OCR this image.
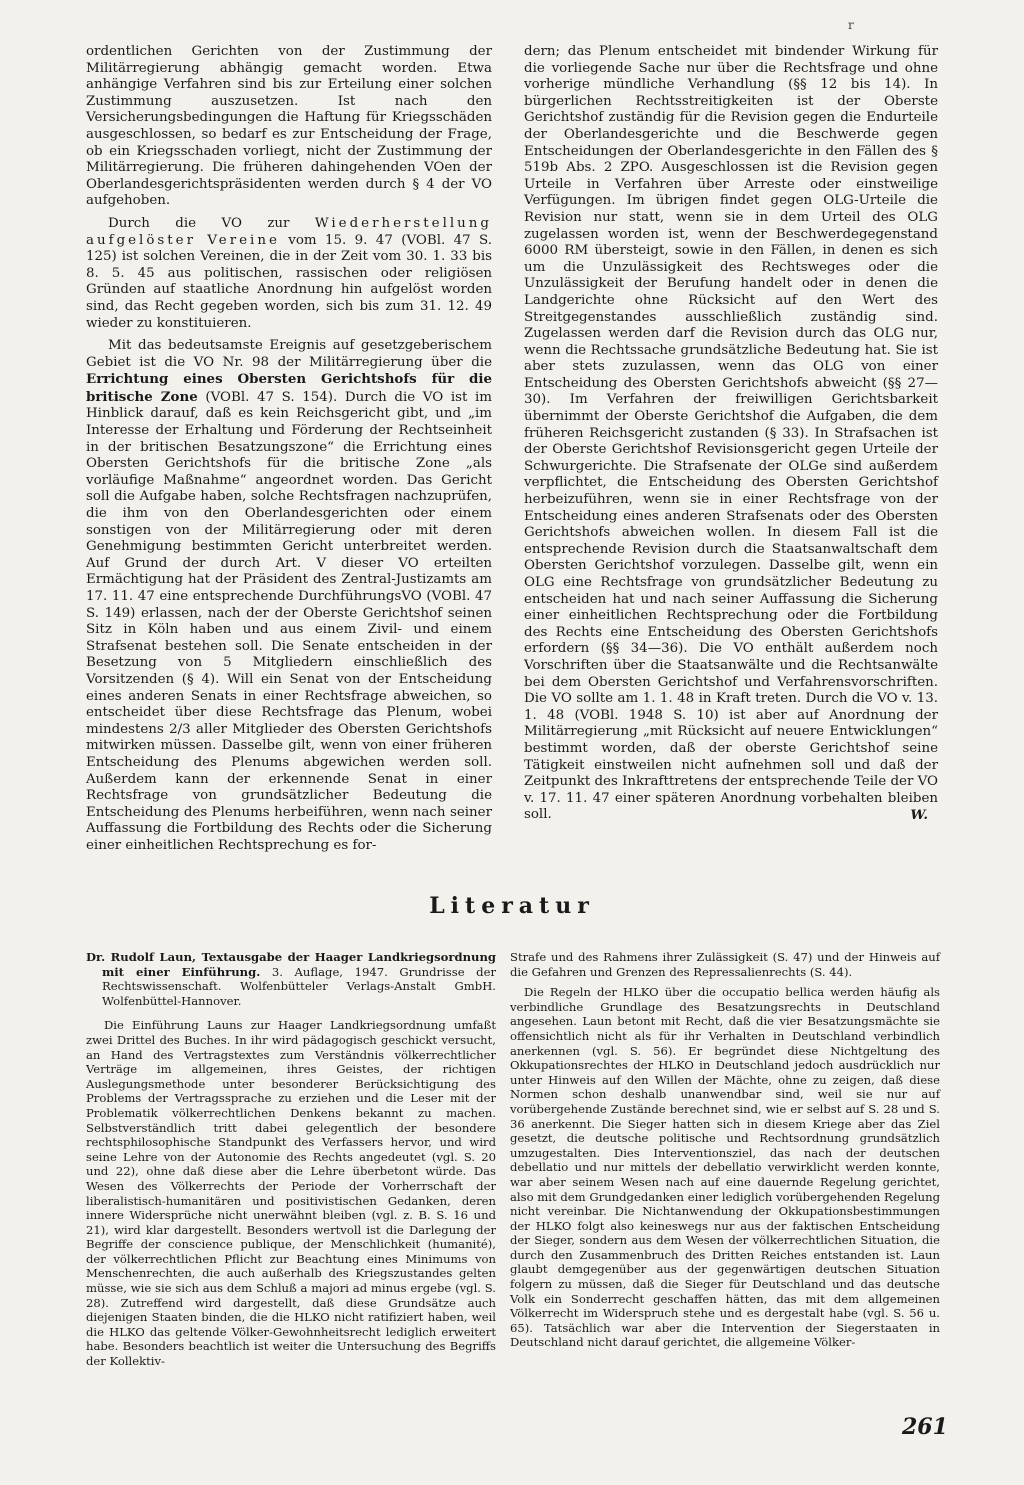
r

ordentlichen Gerichten von der Zustimmung der Militärregierung abhängig gemacht worden. Etwa anhängige Verfahren sind bis zur Erteilung einer solchen Zustimmung auszusetzen. Ist nach den Versicherungsbedingungen die Haftung für Kriegsschäden ausgeschlossen, so bedarf es zur Entscheidung der Frage, ob ein Kriegsschaden vorliegt, nicht der Zustimmung der Militärregierung. Die früheren dahingehenden VOen der Oberlandesgerichtspräsidenten werden durch § 4 der VO aufgehoben.

Durch die VO zur Wiederherstellung aufgelöster Vereine vom 15. 9. 47 (VOBl. 47 S. 125) ist solchen Vereinen, die in der Zeit vom 30. 1. 33 bis 8. 5. 45 aus politischen, rassischen oder religiösen Gründen auf staatliche Anordnung hin aufgelöst worden sind, das Recht gegeben worden, sich bis zum 31. 12. 49 wieder zu konstituieren.

Mit das bedeutsamste Ereignis auf gesetzgeberischem Gebiet ist die VO Nr. 98 der Militärregierung über die Errichtung eines Obersten Gerichtshofs für die britische Zone (VOBl. 47 S. 154). Durch die VO ist im Hinblick darauf, daß es kein Reichsgericht gibt, und „im Interesse der Erhaltung und Förderung der Rechtseinheit in der britischen Besatzungszone“ die Errichtung eines Obersten Gerichtshofs für die britische Zone „als vorläufige Maßnahme“ angeordnet worden. Das Gericht soll die Aufgabe haben, solche Rechtsfragen nachzuprüfen, die ihm von den Oberlandesgerichten oder einem sonstigen von der Militärregierung oder mit deren Genehmigung bestimmten Gericht unterbreitet werden. Auf Grund der durch Art. V dieser VO erteilten Ermächtigung hat der Präsident des Zentral-Justizamts am 17. 11. 47 eine entsprechende DurchführungsVO (VOBl. 47 S. 149) erlassen, nach der der Oberste Gerichtshof seinen Sitz in Köln haben und aus einem Zivil- und einem Strafsenat bestehen soll. Die Senate entscheiden in der Besetzung von 5 Mitgliedern einschließlich des Vorsitzenden (§ 4). Will ein Senat von der Entscheidung eines anderen Senats in einer Rechtsfrage abweichen, so entscheidet über diese Rechtsfrage das Plenum, wobei mindestens 2/3 aller Mitglieder des Obersten Gerichtshofs mitwirken müssen. Dasselbe gilt, wenn von einer früheren Entscheidung des Plenums abgewichen werden soll. Außerdem kann der erkennende Senat in einer Rechtsfrage von grundsätzlicher Bedeutung die Entscheidung des Plenums herbeiführen, wenn nach seiner Auffassung die Fortbildung des Rechts oder die Sicherung einer einheitlichen Rechtsprechung es for-

dern; das Plenum entscheidet mit bindender Wirkung für die vorliegende Sache nur über die Rechtsfrage und ohne vorherige mündliche Verhandlung (§§ 12 bis 14). In bürgerlichen Rechtsstreitigkeiten ist der Oberste Gerichtshof zuständig für die Revision gegen die Endurteile der Oberlandesgerichte und die Beschwerde gegen Entscheidungen der Oberlandesgerichte in den Fällen des § 519b Abs. 2 ZPO. Ausgeschlossen ist die Revision gegen Urteile in Verfahren über Arreste oder einstweilige Verfügungen. Im übrigen findet gegen OLG-Urteile die Revision nur statt, wenn sie in dem Urteil des OLG zugelassen worden ist, wenn der Beschwerdegegenstand 6000 RM übersteigt, sowie in den Fällen, in denen es sich um die Unzulässigkeit des Rechtsweges oder die Unzulässigkeit der Berufung handelt oder in denen die Landgerichte ohne Rücksicht auf den Wert des Streitgegenstandes ausschließlich zuständig sind. Zugelassen werden darf die Revision durch das OLG nur, wenn die Rechtssache grundsätzliche Bedeutung hat. Sie ist aber stets zuzulassen, wenn das OLG von einer Entscheidung des Obersten Gerichtshofs abweicht (§§ 27—30). Im Verfahren der freiwilligen Gerichtsbarkeit übernimmt der Oberste Gerichtshof die Aufgaben, die dem früheren Reichsgericht zustanden (§ 33). In Strafsachen ist der Oberste Gerichtshof Revisionsgericht gegen Urteile der Schwurgerichte. Die Strafsenate der OLGe sind außerdem verpflichtet, die Entscheidung des Obersten Gerichtshof herbeizuführen, wenn sie in einer Rechtsfrage von der Entscheidung eines anderen Strafsenats oder des Obersten Gerichtshofs abweichen wollen. In diesem Fall ist die entsprechende Revision durch die Staatsanwaltschaft dem Obersten Gerichtshof vorzulegen. Dasselbe gilt, wenn ein OLG eine Rechtsfrage von grundsätzlicher Bedeutung zu entscheiden hat und nach seiner Auffassung die Sicherung einer einheitlichen Rechtsprechung oder die Fortbildung des Rechts eine Entscheidung des Obersten Gerichtshofs erfordern (§§ 34—36). Die VO enthält außerdem noch Vorschriften über die Staatsanwälte und die Rechtsanwälte bei dem Obersten Gerichtshof und Verfahrensvorschriften. Die VO sollte am 1. 1. 48 in Kraft treten. Durch die VO v. 13. 1. 48 (VOBl. 1948 S. 10) ist aber auf Anordnung der Militärregierung „mit Rücksicht auf neuere Entwicklungen“ bestimmt worden, daß der oberste Gerichtshof seine Tätigkeit einstweilen nicht aufnehmen soll und daß der Zeitpunkt des Inkrafttretens der entsprechende Teile der VO v. 17. 11. 47 einer späteren Anordnung vorbehalten bleiben soll.	W.

Literatur

Dr. Rudolf Laun, Textausgabe der Haager Landkriegsordnung mit einer Einführung. 3. Auflage, 1947. Grundrisse der Rechtswissenschaft. Wolfenbütteler Verlags-Anstalt GmbH. Wolfenbüttel-Hannover.

Die Einführung Launs zur Haager Landkriegsordnung umfaßt zwei Drittel des Buches. In ihr wird pädagogisch geschickt versucht, an Hand des Vertragstextes zum Verständnis völkerrechtlicher Verträge im allgemeinen, ihres Geistes, der richtigen Auslegungsmethode unter besonderer Berücksichtigung des Problems der Vertragssprache zu erziehen und die Leser mit der Problematik völkerrechtlichen Denkens bekannt zu machen. Selbstverständlich tritt dabei gelegentlich der besondere rechtsphilosophische Standpunkt des Verfassers hervor, und wird seine Lehre von der Autonomie des Rechts angedeutet (vgl. S. 20 und 22), ohne daß diese aber die Lehre überbetont würde. Das Wesen des Völkerrechts der Periode der Vorherrschaft der liberalistisch-humanitären und positivistischen Gedanken, deren innere Widersprüche nicht unerwähnt bleiben (vgl. z. B. S. 16 und 21), wird klar dargestellt. Besonders wertvoll ist die Darlegung der Begriffe der conscience publique, der Menschlichkeit (humanité), der völkerrechtlichen Pflicht zur Beachtung eines Minimums von Menschenrechten, die auch außerhalb des Kriegszustandes gelten müsse, wie sie sich aus dem Schluß a majori ad minus ergebe (vgl. S. 28). Zutreffend wird dargestellt, daß diese Grundsätze auch diejenigen Staaten binden, die die HLKO nicht ratifiziert haben, weil die HLKO das geltende Völker-Gewohnheitsrecht lediglich erweitert habe. Besonders beachtlich ist weiter die Untersuchung des Begriffs der Kollektiv-

Strafe und des Rahmens ihrer Zulässigkeit (S. 47) und der Hinweis auf die Gefahren und Grenzen des Repressalienrechts (S. 44).

Die Regeln der HLKO über die occupatio bellica werden häufig als verbindliche Grundlage des Besatzungsrechts in Deutschland angesehen. Laun betont mit Recht, daß die vier Besatzungsmächte sie offensichtlich nicht als für ihr Verhalten in Deutschland verbindlich anerkennen (vgl. S. 56). Er begründet diese Nichtgeltung des Okkupationsrechtes der HLKO in Deutschland jedoch ausdrücklich nur unter Hinweis auf den Willen der Mächte, ohne zu zeigen, daß diese Normen schon deshalb unanwendbar sind, weil sie nur auf vorübergehende Zustände berechnet sind, wie er selbst auf S. 28 und S. 36 anerkennt. Die Sieger hatten sich in diesem Kriege aber das Ziel gesetzt, die deutsche politische und Rechtsordnung grundsätzlich umzugestalten. Dies Interventionsziel, das nach der deutschen debellatio und nur mittels der debellatio verwirklicht werden konnte, war aber seinem Wesen nach auf eine dauernde Regelung gerichtet, also mit dem Grundgedanken einer lediglich vorübergehenden Regelung nicht vereinbar. Die Nichtanwendung der Okkupationsbestimmungen der HLKO folgt also keineswegs nur aus der faktischen Entscheidung der Sieger, sondern aus dem Wesen der völkerrechtlichen Situation, die durch den Zusammenbruch des Dritten Reiches entstanden ist. Laun glaubt demgegenüber aus der gegenwärtigen deutschen Situation folgern zu müssen, daß die Sieger für Deutschland und das deutsche Volk ein Sonderrecht geschaffen hätten, das mit dem allgemeinen Völkerrecht im Widerspruch stehe und es dergestalt habe (vgl. S. 56 u. 65). Tatsächlich war aber die Intervention der Siegerstaaten in Deutschland nicht darauf gerichtet, die allgemeine Völker-

261
